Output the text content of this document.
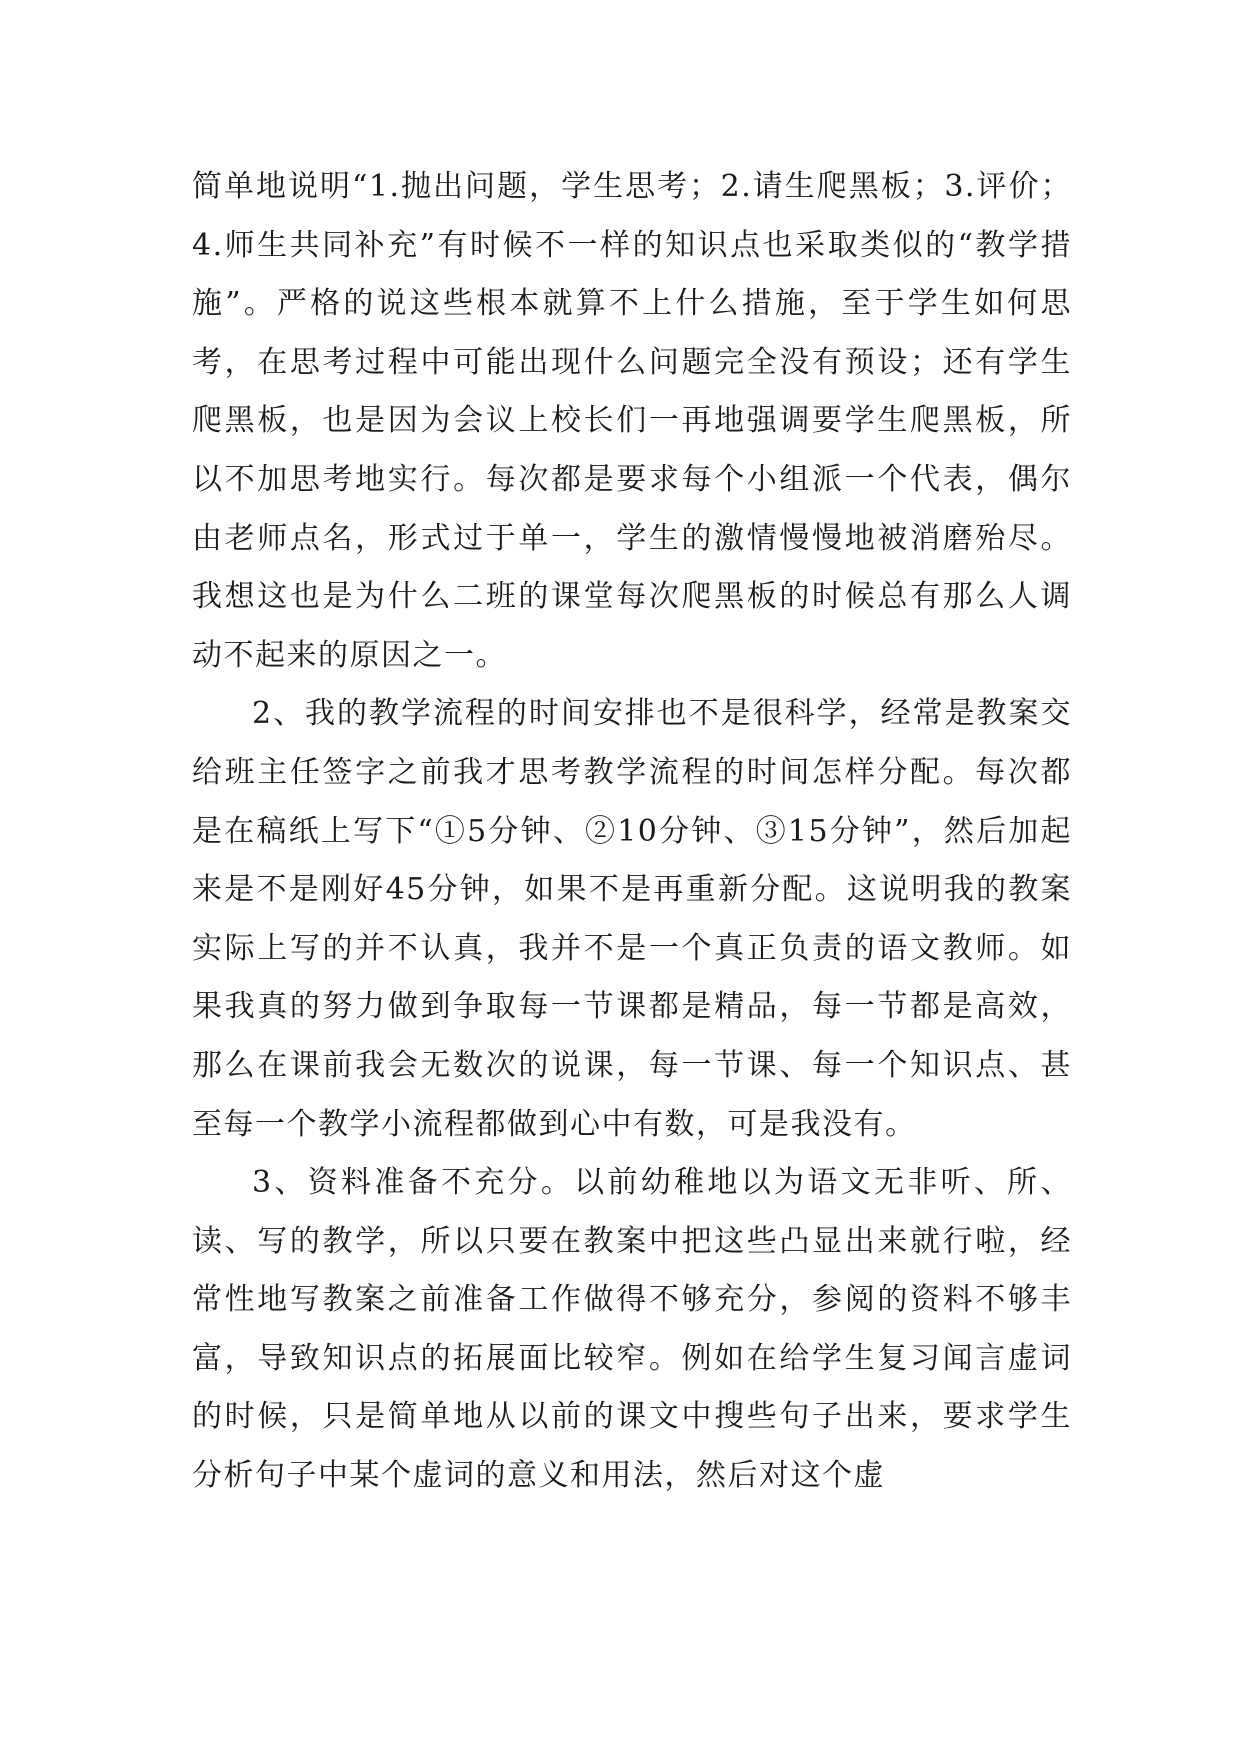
简单地说明“1.抛出问题，学生思考；2.请生爬黑板；3.评价；4.师生共同补充”有时候不一样的知识点也采取类似的“教学措施”。严格的说这些根本就算不上什么措施，至于学生如何思考，在思考过程中可能出现什么问题完全没有预设；还有学生爬黑板，也是因为会议上校长们一再地强调要学生爬黑板，所以不加思考地实行。每次都是要求每个小组派一个代表，偶尔由老师点名，形式过于单一，学生的激情慢慢地被消磨殆尽。我想这也是为什么二班的课堂每次爬黑板的时候总有那么人调动不起来的原因之一。

2、我的教学流程的时间安排也不是很科学，经常是教案交给班主任签字之前我才思考教学流程的时间怎样分配。每次都是在稿纸上写下“①5分钟、②10分钟、③15分钟”，然后加起来是不是刚好45分钟，如果不是再重新分配。这说明我的教案实际上写的并不认真，我并不是一个真正负责的语文教师。如果我真的努力做到争取每一节课都是精品，每一节都是高效，那么在课前我会无数次的说课，每一节课、每一个知识点、甚至每一个教学小流程都做到心中有数，可是我没有。

3、资料准备不充分。以前幼稚地以为语文无非听、所、读、写的教学，所以只要在教案中把这些凸显出来就行啦，经常性地写教案之前准备工作做得不够充分，参阅的资料不够丰富，导致知识点的拓展面比较窄。例如在给学生复习闻言虚词的时候，只是简单地从以前的课文中搜些句子出来，要求学生分析句子中某个虚词的意义和用法，然后对这个虚
